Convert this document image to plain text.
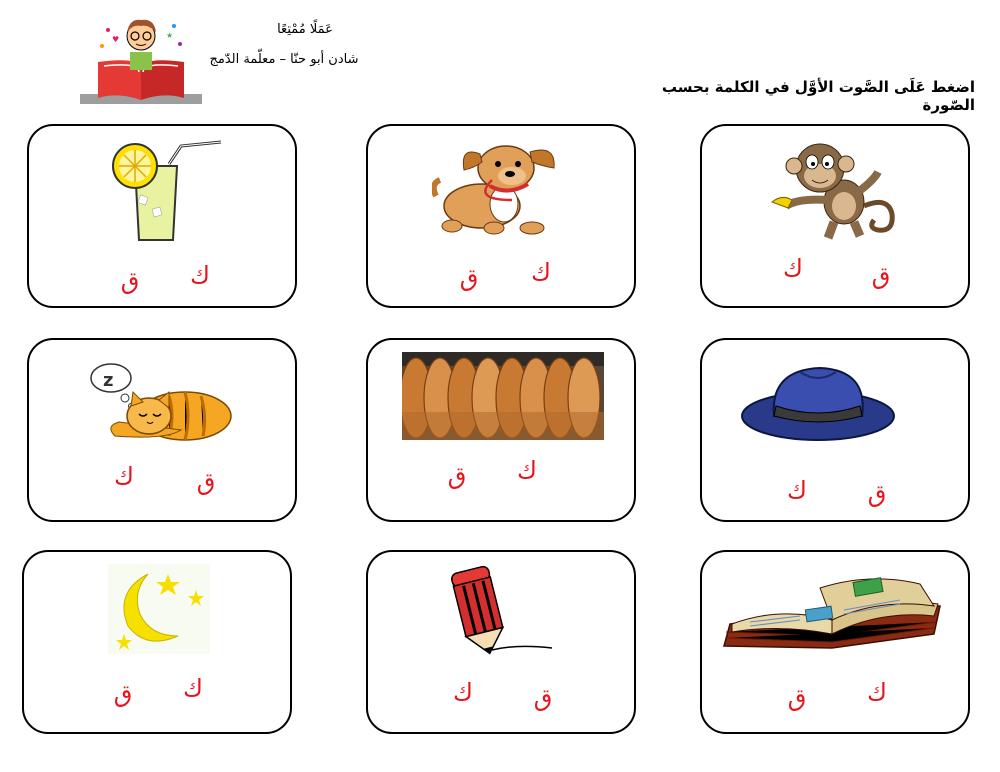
♥	★	عَمَلًا مُمْتِعًا
شادن أبو حنّا – معلّمة الدّمج
اضغط عَلَى الصَّوت الأوَّل في الكلمة بحسب الصّورة
ك
ق	ك
ق	ق
ك
z
ق
ك	ك
ق
ق
ك
ك
ق	ق
ك	ك
ق
